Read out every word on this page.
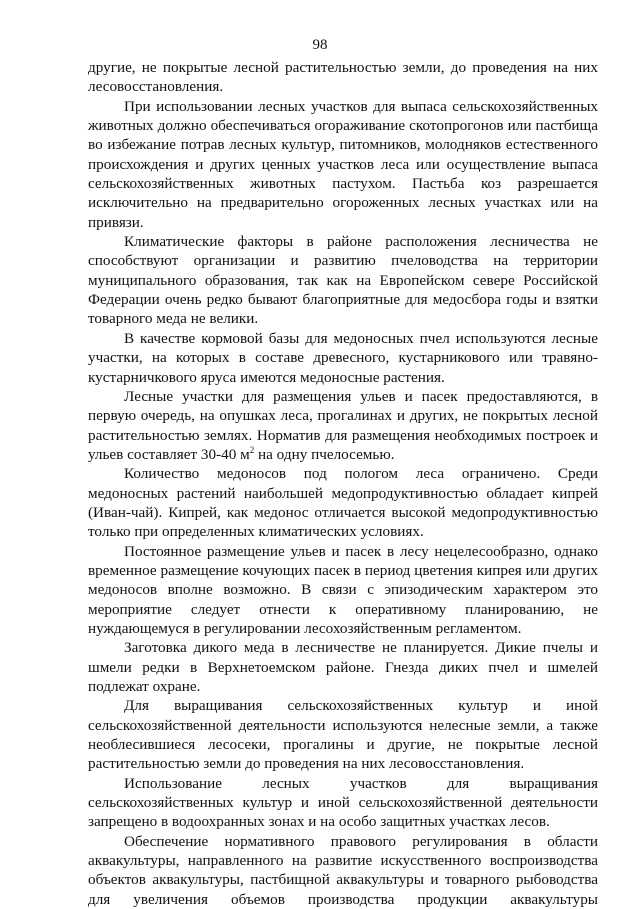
98

другие, не покрытые лесной растительностью земли, до проведения на них лесовосстановления.

При использовании лесных участков для выпаса сельскохозяйственных животных должно обеспечиваться огораживание скотопрогонов или пастбища во избежание потрав лесных культур, питомников, молодняков естественного происхождения и других ценных участков леса или осуществление выпаса сельскохозяйственных животных пастухом. Пастьба коз разрешается исключительно на предварительно огороженных лесных участках или на привязи.

Климатические факторы в районе расположения лесничества не способствуют организации и развитию пчеловодства на территории муниципального образования, так как на Европейском севере Российской Федерации очень редко бывают благоприятные для медосбора годы и взятки товарного меда не велики.

В качестве кормовой базы для медоносных пчел используются лесные участки, на которых в составе древесного, кустарникового или травяно-кустарничкового яруса имеются медоносные растения.

Лесные участки для размещения ульев и пасек предоставляются, в первую очередь, на опушках леса, прогалинах и других, не покрытых лесной растительностью землях. Норматив для размещения необходимых построек и ульев составляет 30-40 $м^2$ на одну пчелосемью.

Количество медоносов под пологом леса ограничено. Среди медоносных растений наибольшей медопродуктивностью обладает кипрей (Иван-чай). Кипрей, как медонос отличается высокой медопродуктивностью только при определенных климатических условиях.

Постоянное размещение ульев и пасек в лесу нецелесообразно, однако временное размещение кочующих пасек в период цветения кипрея или других медоносов вполне возможно. В связи с эпизодическим характером это мероприятие следует отнести к оперативному планированию, не нуждающемуся в регулировании лесохозяйственным регламентом.

Заготовка дикого меда в лесничестве не планируется. Дикие пчелы и шмели редки в Верхнетоемском районе. Гнезда диких пчел и шмелей подлежат охране.

Для выращивания сельскохозяйственных культур и иной сельскохозяйственной деятельности используются нелесные земли, а также необлесившиеся лесосеки, прогалины и другие, не покрытые лесной растительностью земли до проведения на них лесовосстановления.

Использование лесных участков для выращивания сельскохозяйственных культур и иной сельскохозяйственной деятельности запрещено в водоохранных зонах и на особо защитных участках лесов.

Обеспечение нормативного правового регулирования в области аквакультуры, направленного на развитие искусственного воспроизводства объектов аквакультуры, пастбищной аквакультуры и товарного рыбоводства для увеличения объемов производства продукции аквакультуры
